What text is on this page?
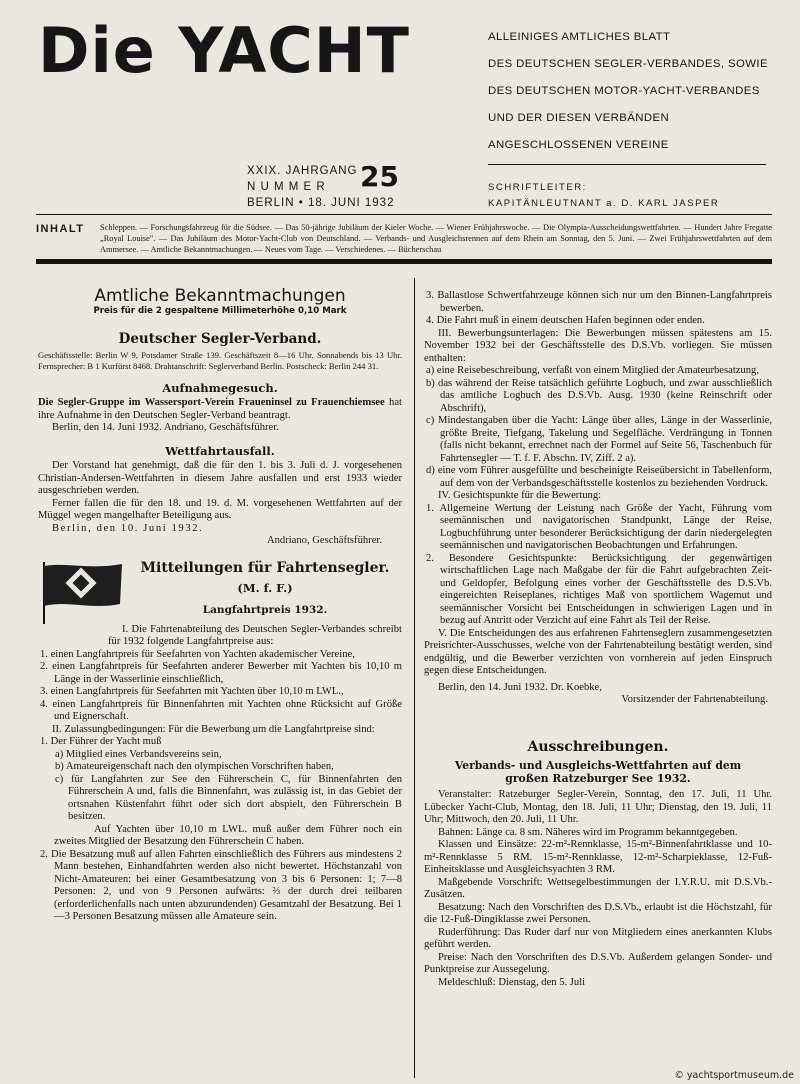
Die YACHT	ALLEINIGES AMTLICHES BLATT
DES DEUTSCHEN SEGLER-VERBANDES, SOWIE
DES DEUTSCHEN MOTOR-YACHT-VERBANDES
UND DER DIESEN VERBÄNDEN
ANGESCHLOSSENEN VEREINE
XXIX. JAHRGANG
N U M M E R
BERLIN • 18. JUNI 1932
25	SCHRIFTLEITER:
KAPITÄNLEUTNANT a. D. KARL JASPER
INHALT Schleppen. — Forschungsfahrzeug für die Südsee. — Das 50-jährige Jubiläum der Kieler Woche. — Wiener Frühjahrswoche. — Die Olympia-Ausscheidungswettfahrten. — Hundert Jahre Fregatte „Royal Louise". — Das Jubiläum des Motor-Yacht-Club von Deutschland. — Verbands- und Ausgleichsrennen auf dem Rhein am Sonntag, den 5. Juni. — Zwei Frühjahrswettfahrten auf dem Ammersee. — Amtliche Bekanntmachungen. — Neues vom Tage. — Verschiedenes. — Bücherschau
Amtliche Bekanntmachungen
Preis für die 2 gespaltene Millimeterhöhe 0,10 Mark
Deutscher Segler-Verband.

Geschäftsstelle: Berlin W 9, Potsdamer Straße 139. Geschäftszeit 8—16 Uhr. Sonnabends bis 13 Uhr. Fernsprecher: B 1 Kurfürst 8468. Drahtanschrift: Seglerverband Berlin. Postscheck: Berlin 244 31.

Aufnahmegesuch.

Die Segler-Gruppe im Wassersport-Verein Fraueninsel zu Frauenchiemsee hat ihre Aufnahme in den Deutschen Segler-Verband beantragt.

Berlin, den 14. Juni 1932. Andriano, Geschäftsführer.

Wettfahrtausfall.

Der Vorstand hat genehmigt, daß die für den 1. bis 3. Juli d. J. vorgesehenen Christian-Andersen-Wettfahrten in diesem Jahre ausfallen und erst 1933 wieder ausgeschrieben werden.

Ferner fallen die für den 18. und 19. d. M. vorgesehenen Wettfahrten auf der Müggel wegen mangelhafter Beteiligung aus.

Berlin, den 10. Juni 1932.

Andriano, Geschäftsführer.

Mitteilungen für Fahrtensegler.
(M. f. F.)
Langfahrtpreis 1932.

I. Die Fahrtenabteilung des Deutschen Segler-Verbandes schreibt für 1932 folgende Langfahrtpreise aus:

1. einen Langfahrtpreis für Seefahrten von Yachten akademischer Vereine,

2. einen Langfahrtpreis für Seefahrten anderer Bewerber mit Yachten bis 10,10 m Länge in der Wasserlinie einschließlich,

3. einen Langfahrtpreis für Seefahrten mit Yachten über 10,10 m LWL.,

4. einen Langfahrtpreis für Binnenfahrten mit Yachten ohne Rücksicht auf Größe und Eignerschaft.

II. Zulassungbedingungen: Für die Bewerbung um die Langfahrtpreise sind:

1. Der Führer der Yacht muß

a) Mitglied eines Verbandsvereins sein,

b) Amateureigenschaft nach den olympischen Vorschriften haben,

c) für Langfahrten zur See den Führerschein C, für Binnenfahrten den Führerschein A und, falls die Binnenfahrt, was zulässig ist, in das Gebiet der ortsnahen Küstenfahrt führt oder sich dort abspielt, den Führerschein B besitzen.

Auf Yachten über 10,10 m LWL. muß außer dem Führer noch ein zweites Mitglied der Besatzung den Führerschein C haben.

2. Die Besatzung muß auf allen Fahrten einschließlich des Führers aus mindestens 2 Mann bestehen, Einhandfahrten werden also nicht bewertet. Höchstanzahl von Nicht-Amateuren: bei einer Gesamtbesatzung von 3 bis 6 Personen: 1; 7—8 Personen: 2, und von 9 Personen aufwärts: ⅔ der durch drei teilbaren (erforderlichenfalls nach unten abzurundenden) Gesamtzahl der Besatzung. Bei 1—3 Personen Besatzung müssen alle Amateure sein.

3. Ballastlose Schwertfahrzeuge können sich nur um den Binnen-Langfahrtpreis bewerben.

4. Die Fahrt muß in einem deutschen Hafen beginnen oder enden.

III. Bewerbungsunterlagen: Die Bewerbungen müssen spätestens am 15. November 1932 bei der Geschäftsstelle des D.S.Vb. vorliegen. Sie müssen enthalten:

a) eine Reisebeschreibung, verfaßt von einem Mitglied der Amateurbesatzung,

b) das während der Reise tatsächlich geführte Logbuch, und zwar ausschließlich das amtliche Logbuch des D.S.Vb. Ausg. 1930 (keine Reinschrift oder Abschrift),

c) Mindestangaben über die Yacht: Länge über alles, Länge in der Wasserlinie, größte Breite, Tiefgang, Takelung und Segelfläche. Verdrängung in Tonnen (falls nicht bekannt, errechnet nach der Formel auf Seite 56, Taschenbuch für Fahrtensegler — T. f. F. Abschn. IV, Ziff. 2 a).

d) eine vom Führer ausgefüllte und bescheinigte Reiseübersicht in Tabellenform, auf dem von der Verbandsgeschäftsstelle kostenlos zu beziehenden Vordruck.

IV. Gesichtspunkte für die Bewertung:

1. Allgemeine Wertung der Leistung nach Größe der Yacht, Führung vom seemännischen und navigatorischen Standpunkt, Länge der Reise, Logbuchführung unter besonderer Berücksichtigung der darin niedergelegten seemännischen und navigatorischen Beobachtungen und Erfahrungen.

2. Besondere Gesichtspunkte: Berücksichtigung der gegenwärtigen wirtschaftlichen Lage nach Maßgabe der für die Fahrt aufgebrachten Zeit- und Geldopfer, Befolgung eines vorher der Geschäftsstelle des D.S.Vb. eingereichten Reiseplanes, richtiges Maß von sportlichem Wagemut und seemännischer Vorsicht bei Entscheidungen in schwierigen Lagen und in bezug auf Antritt oder Verzicht auf eine Fahrt als Teil der Reise.

V. Die Entscheidungen des aus erfahrenen Fahrtenseglern zusammengesetzten Preisrichter-Ausschusses, welche von der Fahrtenabteilung bestätigt werden, sind endgültig, und die Bewerber verzichten von vornherein auf jeden Einspruch gegen diese Entscheidungen.

Berlin, den 14. Juni 1932. Dr. Koebke,

Vorsitzender der Fahrtenabteilung.

Ausschreibungen.
Verbands- und Ausgleichs-Wettfahrten auf dem großen Ratzeburger See 1932.

Veranstalter: Ratzeburger Segler-Verein, Sonntag, den 17. Juli, 11 Uhr. Lübecker Yacht-Club, Montag, den 18. Juli, 11 Uhr; Dienstag, den 19. Juli, 11 Uhr; Mittwoch, den 20. Juli, 11 Uhr.

Bahnen: Länge ca. 8 sm. Näheres wird im Programm bekanntgegeben.

Klassen und Einsätze: 22-m²-Rennklasse, 15-m²-Binnenfahrtklasse und 10-m²-Rennklasse 5 RM. 15-m²-Rennklasse, 12-m²-Scharpieklasse, 12-Fuß-Einheitsklasse und Ausgleichsyachten 3 RM.

Maßgebende Vorschrift: Wettsegelbestimmungen der I.Y.R.U. mit D.S.Vb.-Zusätzen.

Besatzung: Nach den Vorschriften des D.S.Vb., erlaubt ist die Höchstzahl, für die 12-Fuß-Dingiklasse zwei Personen.

Ruderführung: Das Ruder darf nur von Mitgliedern eines anerkannten Klubs geführt werden.

Preise: Nach den Vorschriften des D.S.Vb. Außerdem gelangen Sonder- und Punktpreise zur Aussegelung.

Meldeschluß: Dienstag, den 5. Juli

© yachtsportmuseum.de
